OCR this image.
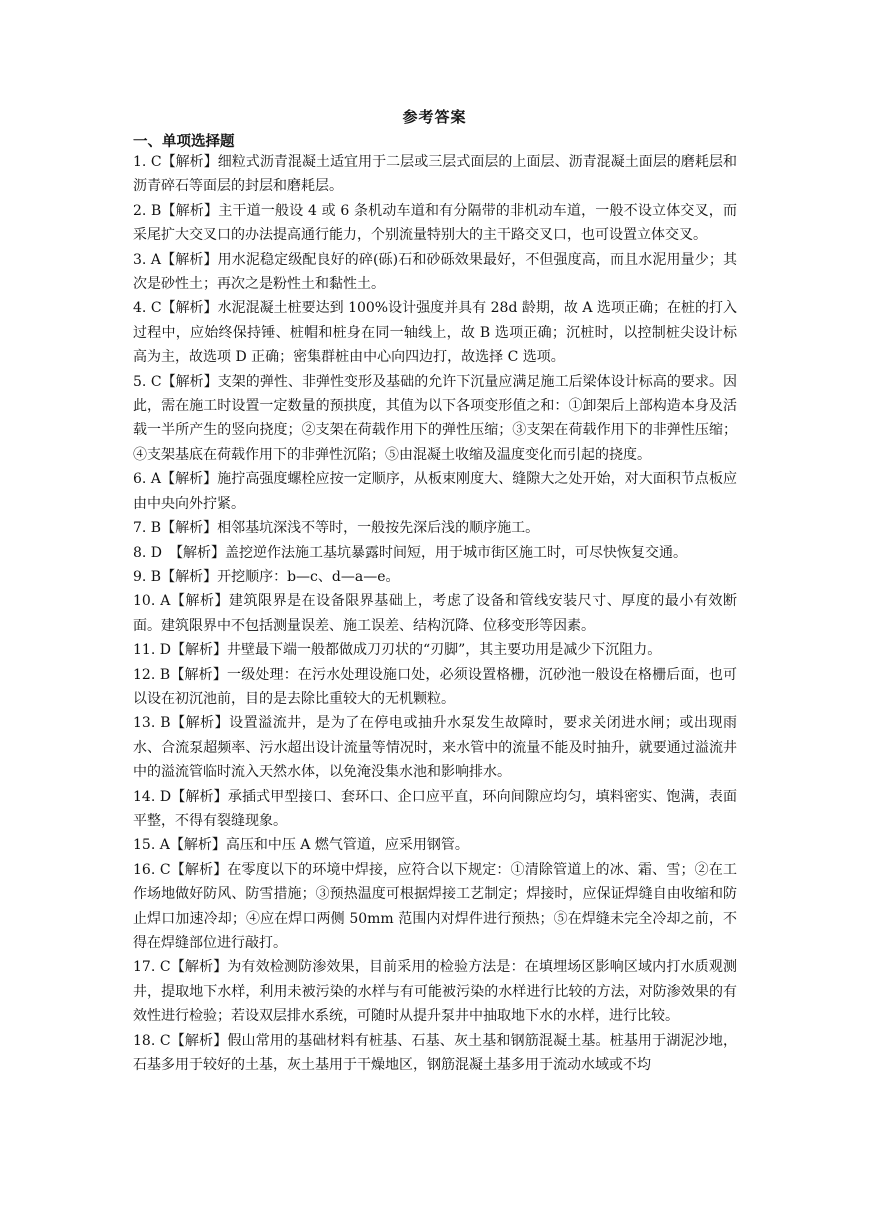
参考答案
一、单项选择题

1. C【解析】细粒式沥青混凝土适宜用于二层或三层式面层的上面层、沥青混凝土面层的磨耗层和沥青碎石等面层的封层和磨耗层。

2. B【解析】主干道一般设 4 或 6 条机动车道和有分隔带的非机动车道，一般不设立体交叉，而采尾扩大交叉口的办法提高通行能力，个别流量特别大的主干路交叉口，也可设置立体交叉。

3. A【解析】用水泥稳定级配良好的碎(砾)石和砂砾效果最好，不但强度高，而且水泥用量少；其次是砂性土；再次之是粉性土和黏性土。

4. C【解析】水泥混凝土桩要达到 100%设计强度并具有 28d 龄期，故 A 选项正确；在桩的打入过程中，应始终保持锤、桩帽和桩身在同一轴线上，故 B 选项正确；沉桩时，以控制桩尖设计标高为主，故选项 D 正确；密集群桩由中心向四边打，故选择 C 选项。

5. C【解析】支架的弹性、非弹性变形及基础的允许下沉量应满足施工后梁体设计标高的要求。因此，需在施工时设置一定数量的预拱度，其值为以下各项变形值之和：①卸架后上部构造本身及活载一半所产生的竖向挠度；②支架在荷载作用下的弹性压缩；③支架在荷载作用下的非弹性压缩；④支架基底在荷载作用下的非弹性沉陷；⑤由混凝土收缩及温度变化而引起的挠度。

6. A【解析】施拧高强度螺栓应按一定顺序，从板束刚度大、缝隙大之处开始，对大面积节点板应由中央向外拧紧。

7. B【解析】相邻基坑深浅不等时，一般按先深后浅的顺序施工。

8. D　【解析】盖挖逆作法施工基坑暴露时间短，用于城市街区施工时，可尽快恢复交通。

9. B【解析】开挖顺序：b—c、d—a—e。

10. A【解析】建筑限界是在设备限界基础上，考虑了设备和管线安装尺寸、厚度的最小有效断面。建筑限界中不包括测量误差、施工误差、结构沉降、位移变形等因素。

11. D【解析】井壁最下端一般都做成刀刃状的“刃脚”，其主要功用是减少下沉阻力。

12. B【解析】一级处理：在污水处理设施口处，必须设置格栅，沉砂池一般设在格栅后面，也可以设在初沉池前，目的是去除比重较大的无机颗粒。

13. B【解析】设置溢流井，是为了在停电或抽升水泵发生故障时，要求关闭进水闸；或出现雨水、合流泵超频率、污水超出设计流量等情况时，来水管中的流量不能及时抽升，就要通过溢流井中的溢流管临时流入天然水体，以免淹没集水池和影响排水。

14. D【解析】承插式甲型接口、套环口、企口应平直，环向间隙应均匀，填料密实、饱满，表面平整，不得有裂缝现象。

15. A【解析】高压和中压 A 燃气管道，应采用钢管。

16. C【解析】在零度以下的环境中焊接，应符合以下规定：①清除管道上的冰、霜、雪；②在工作场地做好防风、防雪措施；③预热温度可根据焊接工艺制定；焊接时，应保证焊缝自由收缩和防止焊口加速冷却；④应在焊口两侧 50mm 范围内对焊件进行预热；⑤在焊缝未完全冷却之前，不得在焊缝部位进行敲打。

17. C【解析】为有效检测防渗效果，目前采用的检验方法是：在填埋场区影响区域内打水质观测井，提取地下水样，利用未被污染的水样与有可能被污染的水样进行比较的方法，对防渗效果的有效性进行检验；若设双层排水系统，可随时从提升泵井中抽取地下水的水样，进行比较。

18. C【解析】假山常用的基础材料有桩基、石基、灰土基和钢筋混凝土基。桩基用于湖泥沙地，石基多用于较好的土基，灰土基用于干燥地区，钢筋混凝土基多用于流动水域或不均
